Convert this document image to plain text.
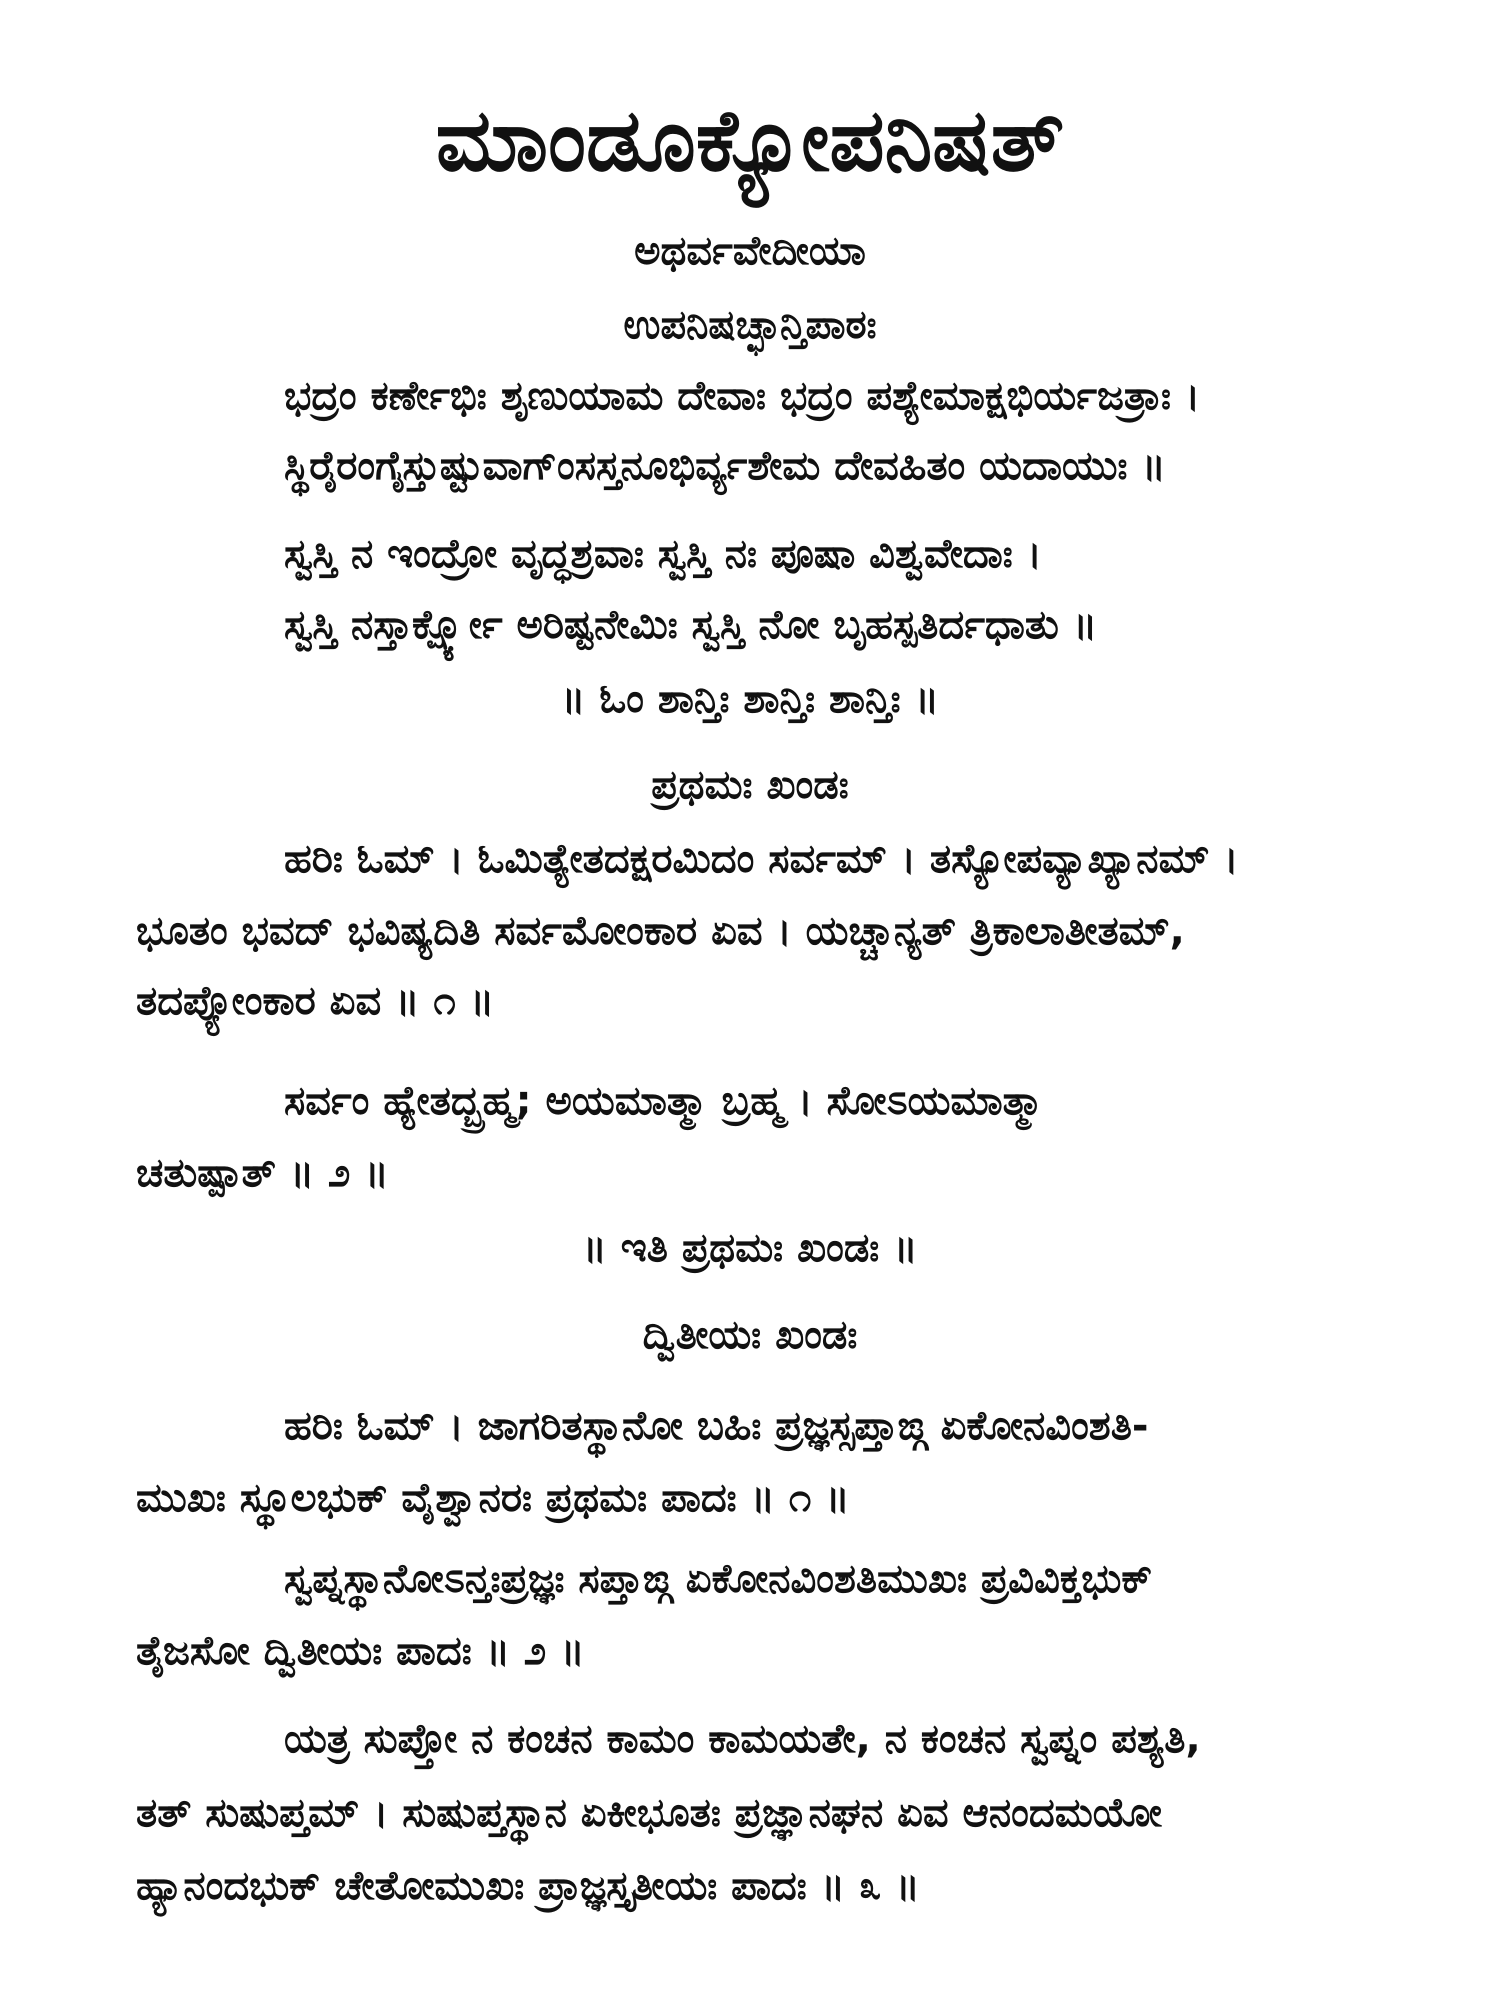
ಮಾಂಡೂಕ್ಯೋಪನಿಷತ್
ಅಥರ್ವವೇದೀಯಾ
ಉಪನಿಷಚ್ಛಾನ್ತಿಪಾಠಃ
ಭದ್ರಂ ಕರ್ಣೇಭಿಃ ಶೃಣುಯಾಮ ದೇವಾಃ ಭದ್ರಂ ಪಶ್ಯೇಮಾಕ್ಷಭಿರ್ಯಜತ್ರಾಃ ।
ಸ್ಥಿರೈರಂಗೈಸ್ತುಷ್ಟುವಾಗ್ಂಸಸ್ತನೂಭಿರ್ವ್ಯಶೇಮ ದೇವಹಿತಂ ಯದಾಯುಃ ॥
ಸ್ವಸ್ತಿ ನ ಇಂದ್ರೋ ವೃದ್ಧಶ್ರವಾಃ ಸ್ವಸ್ತಿ ನಃ ಪೂಷಾ ವಿಶ್ವವೇದಾಃ ।
ಸ್ವಸ್ತಿ ನಸ್ತಾರ್ಕ್ಷ್ಯೋ ಅರಿಷ್ಟನೇಮಿಃ ಸ್ವಸ್ತಿ ನೋ ಬೃಹಸ್ಪತಿರ್ದಧಾತು ॥
॥ ಓಂ ಶಾನ್ತಿಃ ಶಾನ್ತಿಃ ಶಾನ್ತಿಃ ॥
ಪ್ರಥಮಃ ಖಂಡಃ
ಹರಿಃ ಓಮ್ । ಓಮಿತ್ಯೇತದಕ್ಷರಮಿದಂ ಸರ್ವಮ್ । ತಸ್ಯೋಪವ್ಯಾಖ್ಯಾನಮ್ ।
ಭೂತಂ ಭವದ್ ಭವಿಷ್ಯದಿತಿ ಸರ್ವಮೋಂಕಾರ ಏವ । ಯಚ್ಚಾನ್ಯತ್ ತ್ರಿಕಾಲಾತೀತಮ್,
ತದಪ್ಯೋಂಕಾರ ಏವ ॥ ೧ ॥
ಸರ್ವಂ ಹ್ಯೇತದ್ಬ್ರಹ್ಮ; ಅಯಮಾತ್ಮಾ ಬ್ರಹ್ಮ । ಸೋಽಯಮಾತ್ಮಾ
ಚತುಷ್ಪಾತ್ ॥ ೨ ॥
॥ ಇತಿ ಪ್ರಥಮಃ ಖಂಡಃ ॥
ದ್ವಿತೀಯಃ ಖಂಡಃ
ಹರಿಃ ಓಮ್ । ಜಾಗರಿತಸ್ಥಾನೋ ಬಹಿಃ ಪ್ರಜ್ಞಸ್ಸಪ್ತಾಙ್ಗ ಏಕೋನವಿಂಶತಿ-
ಮುಖಃ ಸ್ಥೂಲಭುಕ್ ವೈಶ್ವಾನರಃ ಪ್ರಥಮಃ ಪಾದಃ ॥ ೧ ॥
ಸ್ವಪ್ನಸ್ಥಾನೋಽನ್ತಃಪ್ರಜ್ಞಃ ಸಪ್ತಾಙ್ಗ ಏಕೋನವಿಂಶತಿಮುಖಃ ಪ್ರವಿವಿಕ್ತಭುಕ್
ತೈಜಸೋ ದ್ವಿತೀಯಃ ಪಾದಃ ॥ ೨ ॥
ಯತ್ರ ಸುಪ್ತೋ ನ ಕಂಚನ ಕಾಮಂ ಕಾಮಯತೇ, ನ ಕಂಚನ ಸ್ವಪ್ನಂ ಪಶ್ಯತಿ,
ತತ್ ಸುಷುಪ್ತಮ್ । ಸುಷುಪ್ತಸ್ಥಾನ ಏಕೀಭೂತಃ ಪ್ರಜ್ಞಾನಘನ ಏವ ಆನಂದಮಯೋ
ಹ್ಯಾನಂದಭುಕ್ ಚೇತೋಮುಖಃ ಪ್ರಾಜ್ಞಸ್ತೃತೀಯಃ ಪಾದಃ ॥ ೩ ॥
